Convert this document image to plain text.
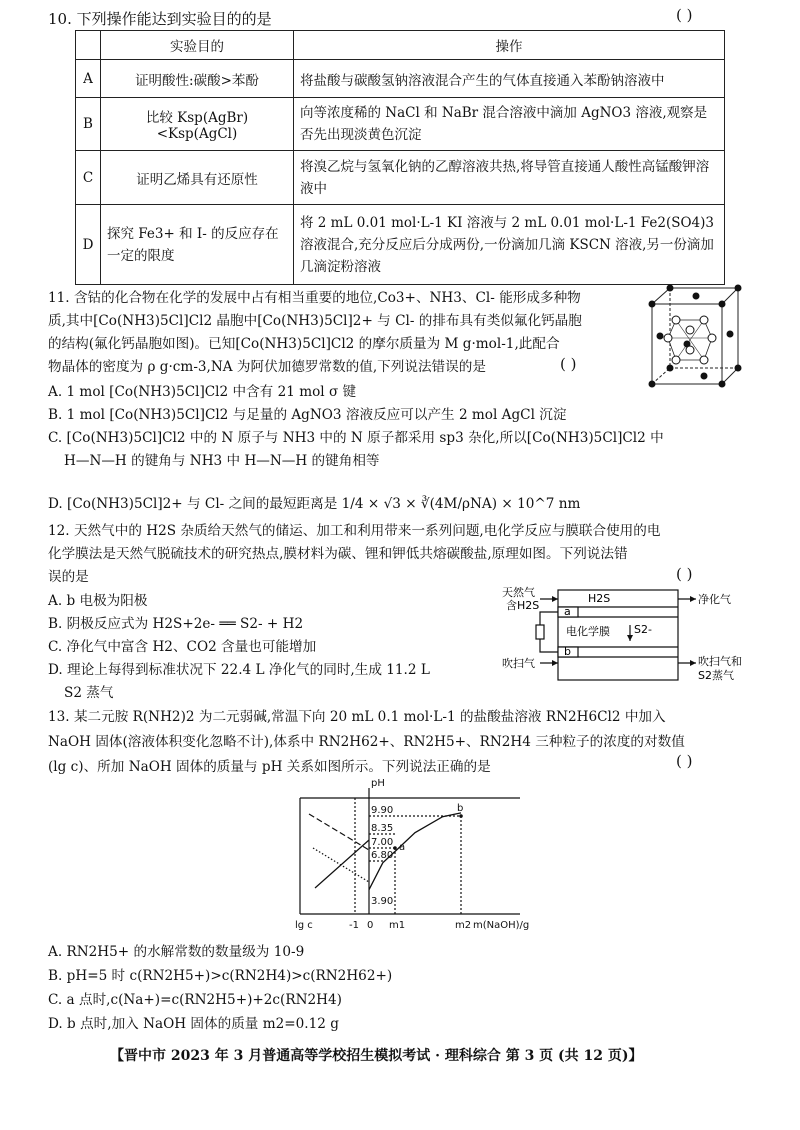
10. 下列操作能达到实验目的的是	( )
	实验目的	操作
A	证明酸性:碳酸>苯酚	将盐酸与碳酸氢钠溶液混合产生的气体直接通入苯酚钠溶液中
B	比较 Ksp(AgBr)<Ksp(AgCl)	向等浓度稀的 NaCl 和 NaBr 混合溶液中滴加 AgNO3 溶液,观察是否先出现淡黄色沉淀
C	证明乙烯具有还原性	将溴乙烷与氢氧化钠的乙醇溶液共热,将导管直接通人酸性高锰酸钾溶液中
D	探究 Fe3+ 和 I- 的反应存在一定的限度	将 2 mL 0.01 mol·L-1 KI 溶液与 2 mL 0.01 mol·L-1 Fe2(SO4)3 溶液混合,充分反应后分成两份,一份滴加几滴 KSCN 溶液,另一份滴加几滴淀粉溶液
11. 含钴的化合物在化学的发展中占有相当重要的地位,Co3+、NH3、Cl- 能形成多种物
质,其中[Co(NH3)5Cl]Cl2 晶胞中[Co(NH3)5Cl]2+ 与 Cl- 的排布具有类似氟化钙晶胞
的结构(氟化钙晶胞如图)。已知[Co(NH3)5Cl]Cl2 的摩尔质量为 M g·mol-1,此配合
物晶体的密度为 ρ g·cm-3,NA 为阿伏加德罗常数的值,下列说法错误的是	( )
A. 1 mol [Co(NH3)5Cl]Cl2 中含有 21 mol σ 键
B. 1 mol [Co(NH3)5Cl]Cl2 与足量的 AgNO3 溶液反应可以产生 2 mol AgCl 沉淀
C. [Co(NH3)5Cl]Cl2 中的 N 原子与 NH3 中的 N 原子都采用 sp3 杂化,所以[Co(NH3)5Cl]Cl2 中
H—N—H 的键角与 NH3 中 H—N—H 的键角相等
D. [Co(NH3)5Cl]2+ 与 Cl- 之间的最短距离是 1/4 × √3 × ∛(4M/ρNA) × 10^7 nm
12. 天然气中的 H2S 杂质给天然气的储运、加工和利用带来一系列问题,电化学反应与膜联合使用的电
化学膜法是天然气脱硫技术的研究热点,膜材料为碳、锂和钾低共熔碳酸盐,原理如图。下列说法错
误的是	( )
A. b 电极为阳极
B. 阴极反应式为 H2S+2e- ══ S2- + H2
C. 净化气中富含 H2、CO2 含量也可能增加
D. 理论上每得到标准状况下 22.4 L 净化气的同时,生成 11.2 L
S2 蒸气
天然气
含H2S
H2S
a
电化学膜 S2-
b
净化气
吹扫气	吹扫气和
S2蒸气
13. 某二元胺 R(NH2)2 为二元弱碱,常温下向 20 mL 0.1 mol·L-1 的盐酸盐溶液 RN2H6Cl2 中加入
NaOH 固体(溶液体积变化忽略不计),体系中 RN2H62+、RN2H5+、RN2H4 三种粒子的浓度的对数值
(lg c)、所加 NaOH 固体的质量与 pH 关系如图所示。下列说法正确的是	( )
pH
9.90
8.35
7.00
6.80
3.90
lg c	-1 0 m1	m2 m(NaOH)/g
a
b
A. RN2H5+ 的水解常数的数量级为 10-9
B. pH=5 时 c(RN2H5+)>c(RN2H4)>c(RN2H62+)
C. a 点时,c(Na+)=c(RN2H5+)+2c(RN2H4)
D. b 点时,加入 NaOH 固体的质量 m2=0.12 g
【晋中市 2023 年 3 月普通高等学校招生模拟考试 · 理科综合 第 3 页 (共 12 页)】
